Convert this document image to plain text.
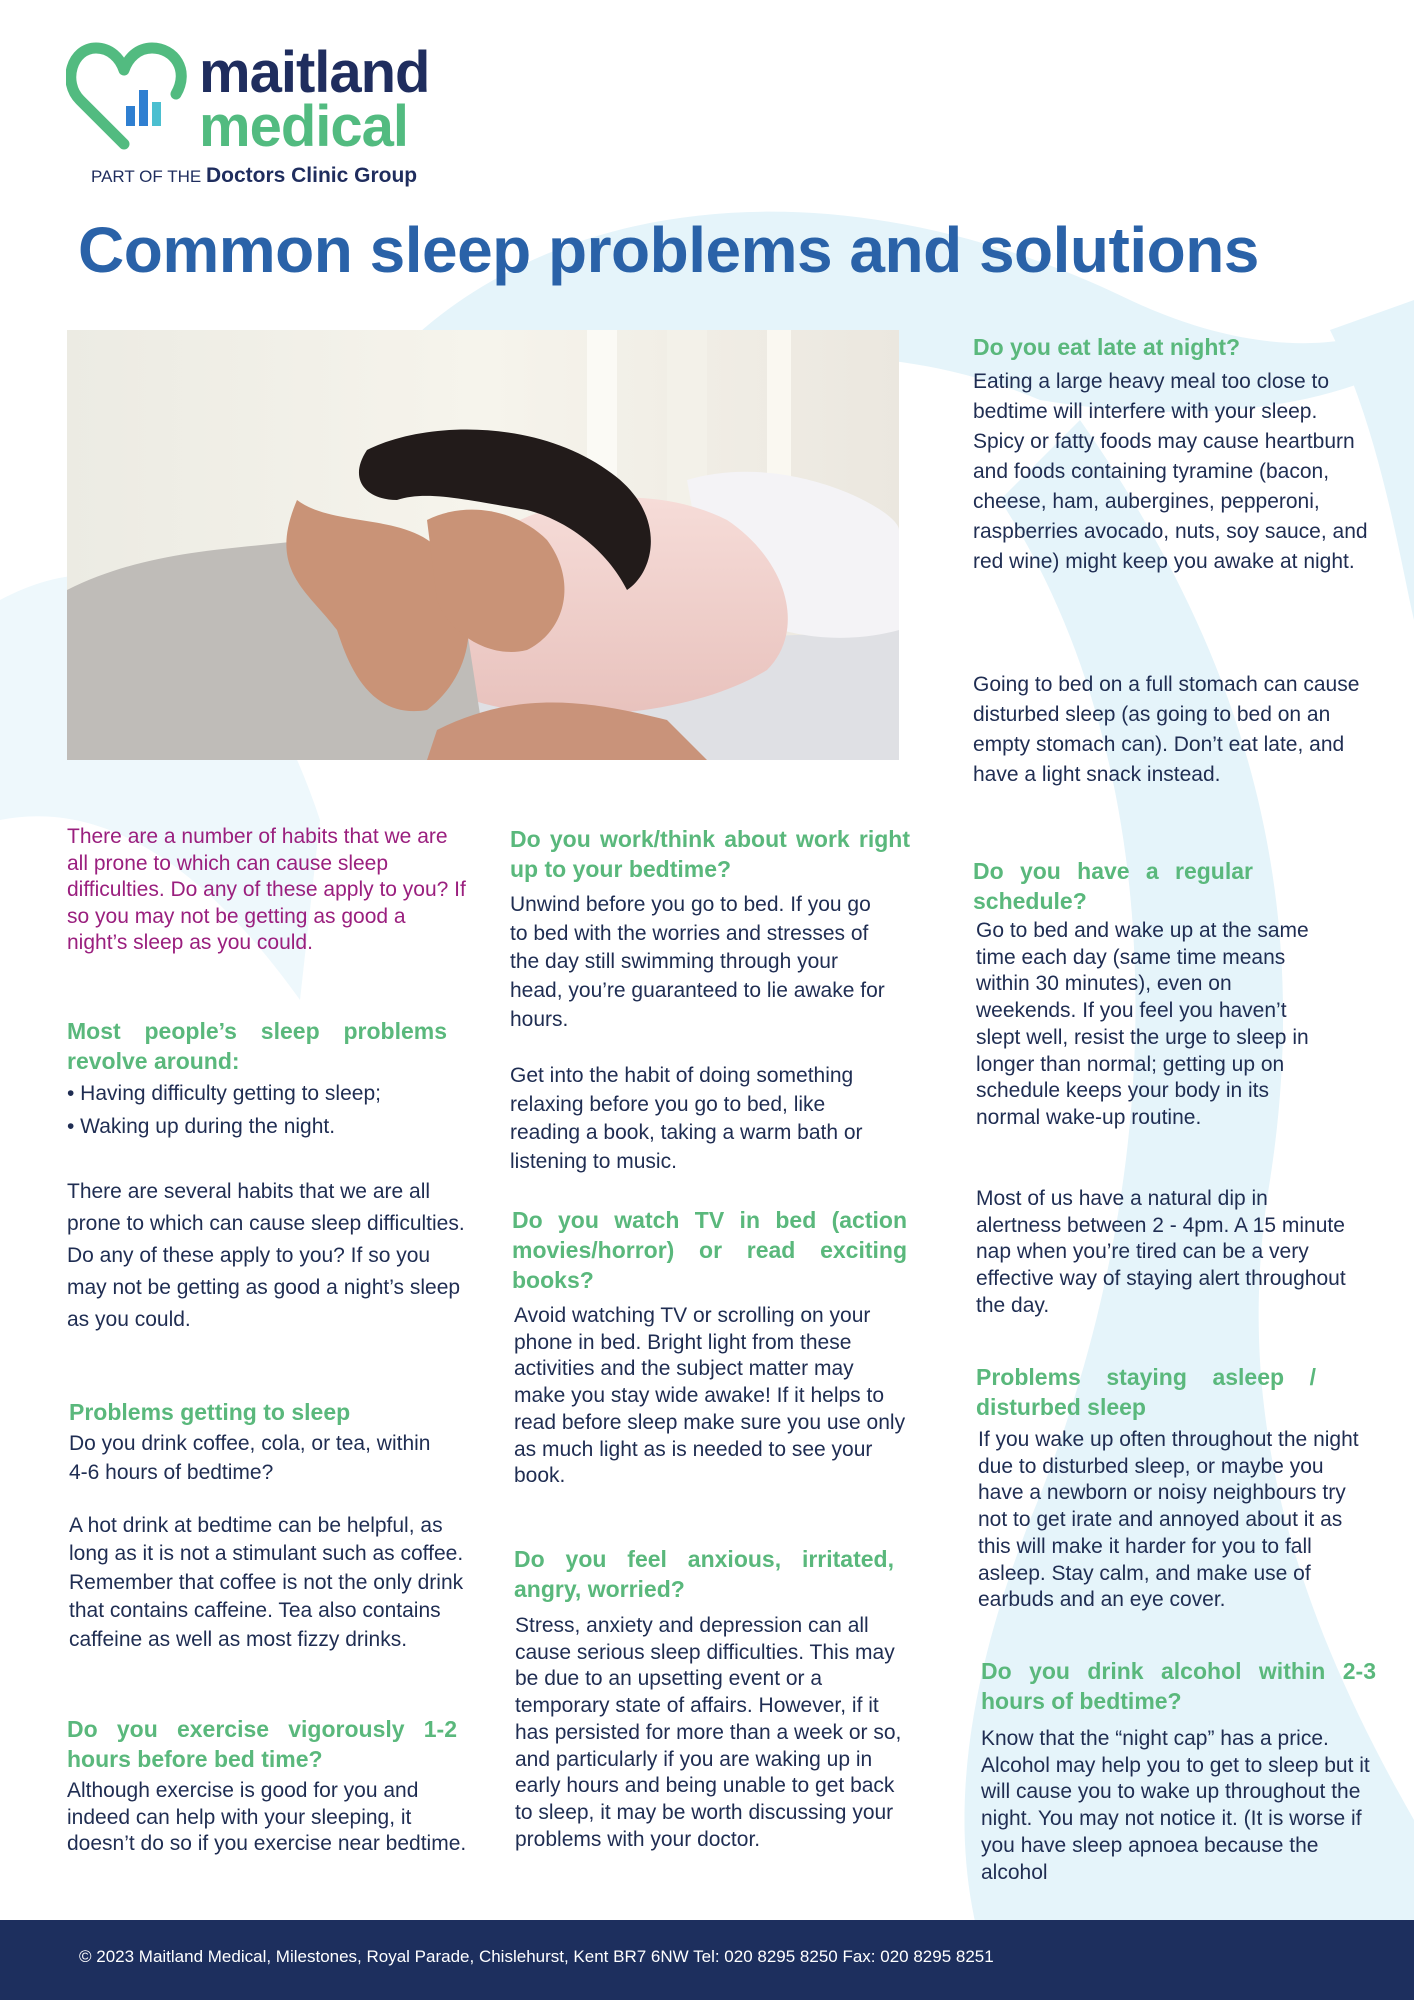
maitland
medical
PART OF THE Doctors Clinic Group
Common sleep problems and solutions
There are a number of habits that we are all prone to which can cause sleep difficulties. Do any of these apply to you? If so you may not be getting as good a night’s sleep as you could.
Most people’s sleep problems revolve around:
• Having difficulty getting to sleep;
• Waking up during the night.
There are several habits that we are all prone to which can cause sleep difficulties. Do any of these apply to you? If so you may not be getting as good a night’s sleep as you could.
Problems getting to sleep
Do you drink coffee, cola, or tea, within 4-6 hours of bedtime?
A hot drink at bedtime can be helpful, as long as it is not a stimulant such as coffee. Remember that coffee is not the only drink that contains caffeine. Tea also contains caffeine as well as most fizzy drinks.
Do you exercise vigorously 1-2 hours before bed time?
Although exercise is good for you and indeed can help with your sleeping, it doesn’t do so if you exercise near bedtime.
Do you work/think about work right up to your bedtime?
Unwind before you go to bed. If you go to bed with the worries and stresses of the day still swimming through your head, you’re guaranteed to lie awake for hours.
Get into the habit of doing something relaxing before you go to bed, like reading a book, taking a warm bath or listening to music.
Do you watch TV in bed (action movies/horror) or read exciting books?
Avoid watching TV or scrolling on your phone in bed. Bright light from these activities and the subject matter may make you stay wide awake! If it helps to read before sleep make sure you use only as much light as is needed to see your book.
Do you feel anxious, irritated, angry, worried?
Stress, anxiety and depression can all cause serious sleep difficulties. This may be due to an upsetting event or a temporary state of affairs. However, if it has persisted for more than a week or so, and particularly if you are waking up in early hours and being unable to get back to sleep, it may be worth discussing your problems with your doctor.
Do you eat late at night?
Eating a large heavy meal too close to bedtime will interfere with your sleep. Spicy or fatty foods may cause heartburn and foods containing tyramine (bacon, cheese, ham, aubergines, pepperoni, raspberries avocado, nuts, soy sauce, and red wine) might keep you awake at night.
Going to bed on a full stomach can cause disturbed sleep (as going to bed on an empty stomach can). Don’t eat late, and have a light snack instead.
Do you have a regular schedule?
Go to bed and wake up at the same time each day (same time means within 30 minutes), even on weekends. If you feel you haven’t slept well, resist the urge to sleep in longer than normal; getting up on schedule keeps your body in its normal wake-up routine.
Most of us have a natural dip in alertness between 2 - 4pm. A 15 minute nap when you’re tired can be a very effective way of staying alert throughout the day.
Problems staying asleep / disturbed sleep
If you wake up often throughout the night due to disturbed sleep, or maybe you have a newborn or noisy neighbours try not to get irate and annoyed about it as this will make it harder for you to fall asleep. Stay calm, and make use of earbuds and an eye cover.
Do you drink alcohol within 2-3 hours of bedtime?
Know that the “night cap” has a price. Alcohol may help you to get to sleep but it will cause you to wake up throughout the night. You may not notice it. (It is worse if you have sleep apnoea because the alcohol
© 2023 Maitland Medical, Milestones, Royal Parade, Chislehurst, Kent BR7 6NW Tel: 020 8295 8250 Fax: 020 8295 8251
